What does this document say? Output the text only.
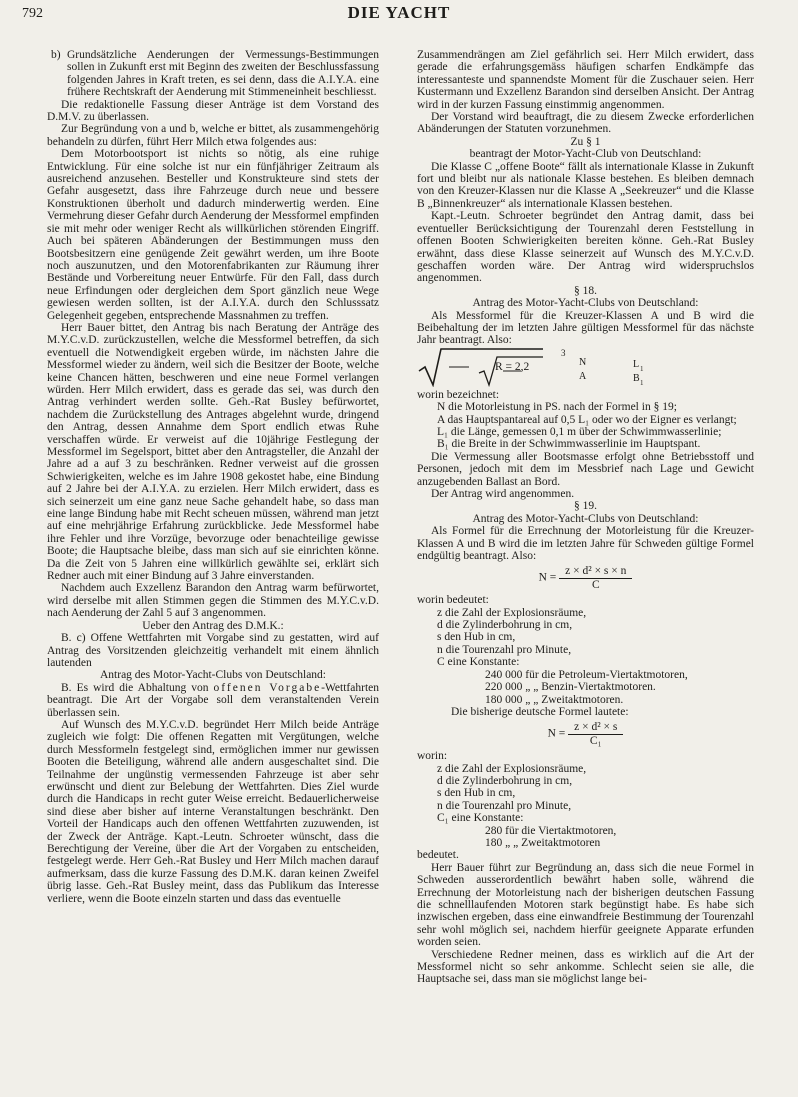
792	DIE YACHT

b) Grundsätzliche Aenderungen der Vermessungs-Bestimmungen sollen in Zukunft erst mit Beginn des zweiten der Beschlussfassung folgenden Jahres in Kraft treten, es sei denn, dass die A.I.Y.A. eine frühere Rechtskraft der Aenderung mit Stimmeneinheit beschliesst.

Die redaktionelle Fassung dieser Anträge ist dem Vorstand des D.M.V. zu überlassen.

Zur Begründung von a und b, welche er bittet, als zusammengehörig behandeln zu dürfen, führt Herr Milch etwa folgendes aus:

Dem Motorbootsport ist nichts so nötig, als eine ruhige Entwicklung. Für eine solche ist nur ein fünfjähriger Zeitraum als ausreichend anzusehen. Besteller und Konstrukteure sind stets der Gefahr ausgesetzt, dass ihre Fahrzeuge durch neue und bessere Konstruktionen überholt und dadurch minderwertig werden. Eine Vermehrung dieser Gefahr durch Aenderung der Messformel empfinden sie mit mehr oder weniger Recht als willkürlichen störenden Eingriff. Auch bei späteren Abänderungen der Bestimmungen muss den Bootsbesitzern eine genügende Zeit gewährt werden, um ihre Boote noch auszunutzen, und den Motorenfabrikanten zur Räumung ihrer Bestände und Vorbereitung neuer Entwürfe. Für den Fall, dass durch neue Erfindungen oder dergleichen dem Sport gänzlich neue Wege gewiesen werden sollten, ist der A.I.Y.A. durch den Schlusssatz Gelegenheit gegeben, entsprechende Massnahmen zu treffen.

Herr Bauer bittet, den Antrag bis nach Beratung der Anträge des M.Y.C.v.D. zurückzustellen, welche die Messformel betreffen, da sich eventuell die Notwendigkeit ergeben würde, im nächsten Jahre die Messformel wieder zu ändern, weil sich die Besitzer der Boote, welche keine Chancen hätten, beschweren und eine neue Formel verlangen würden. Herr Milch erwidert, dass es gerade das sei, was durch den Antrag verhindert werden sollte. Geh.-Rat Busley befürwortet, nachdem die Zurückstellung des Antrages abgelehnt wurde, dringend den Antrag, dessen Annahme dem Sport endlich etwas Ruhe verschaffen würde. Er verweist auf die 10jährige Festlegung der Messformel im Segelsport, bittet aber den Antragsteller, die Anzahl der Jahre ad a auf 3 zu beschränken. Redner verweist auf die grossen Schwierigkeiten, welche es im Jahre 1908 gekostet habe, eine Bindung auf 2 Jahre bei der A.I.Y.A. zu erzielen. Herr Milch erwidert, dass es sich seinerzeit um eine ganz neue Sache gehandelt habe, so dass man eine lange Bindung habe mit Recht scheuen müssen, während man jetzt auf eine mehrjährige Erfahrung zurückblicke. Jede Messformel habe ihre Fehler und ihre Vorzüge, bevorzuge oder benachteilige gewisse Boote; die Hauptsache bleibe, dass man sich auf sie einrichten könne. Da die Zeit von 5 Jahren eine willkürlich gewählte sei, erklärt sich Redner auch mit einer Bindung auf 3 Jahre einverstanden.

Nachdem auch Exzellenz Barandon den Antrag warm befürwortet, wird derselbe mit allen Stimmen gegen die Stimmen des M.Y.C.v.D. nach Aenderung der Zahl 5 auf 3 angenommen.

Ueber den Antrag des D.M.K.:

B. c) Offene Wettfahrten mit Vorgabe sind zu gestatten, wird auf Antrag des Vorsitzenden gleichzeitig verhandelt mit einem ähnlich lautenden

Antrag des Motor-Yacht-Clubs von Deutschland:

B. Es wird die Abhaltung von offenen Vorgabe-Wettfahrten beantragt. Die Art der Vorgabe soll dem veranstaltenden Verein überlassen sein.

Auf Wunsch des M.Y.C.v.D. begründet Herr Milch beide Anträge zugleich wie folgt: Die offenen Regatten mit Vergütungen, welche durch Messformeln festgelegt sind, ermöglichen immer nur gewissen Booten die Beteiligung, während alle andern ausgeschaltet sind. Die Teilnahme der ungünstig vermessenden Fahrzeuge ist aber sehr erwünscht und dient zur Belebung der Wettfahrten. Dies Ziel wurde durch die Handicaps in recht guter Weise erreicht. Bedauerlicherweise sind diese aber bisher auf interne Veranstaltungen beschränkt. Den Vorteil der Handicaps auch den offenen Wettfahrten zuzuwenden, ist der Zweck der Anträge. Kapt.-Leutn. Schroeter wünscht, dass die Berechtigung der Vereine, über die Art der Vorgaben zu entscheiden, festgelegt werde. Herr Geh.-Rat Busley und Herr Milch machen darauf aufmerksam, dass die kurze Fassung des D.M.K. daran keinen Zweifel übrig lasse. Geh.-Rat Busley meint, dass das Publikum das Interesse verliere, wenn die Boote einzeln starten und dass das eventuelle

Zusammendrängen am Ziel gefährlich sei. Herr Milch erwidert, dass gerade die erfahrungsgemäss häufigen scharfen Endkämpfe das interessanteste und spannendste Moment für die Zuschauer seien. Herr Kustermann und Exzellenz Barandon sind derselben Ansicht. Der Antrag wird in der kurzen Fassung einstimmig angenommen.

Der Vorstand wird beauftragt, die zu diesem Zwecke erforderlichen Abänderungen der Statuten vorzunehmen.

Zu § 1

beantragt der Motor-Yacht-Club von Deutschland:

Die Klasse C „offene Boote“ fällt als internationale Klasse in Zukunft fort und bleibt nur als nationale Klasse bestehen. Es bleiben demnach von den Kreuzer-Klassen nur die Klasse A „Seekreuzer“ und die Klasse B „Binnenkreuzer“ als internationale Klassen bestehen.

Kapt.-Leutn. Schroeter begründet den Antrag damit, dass bei eventueller Berücksichtigung der Tourenzahl deren Feststellung in offenen Booten Schwierigkeiten bereiten könne. Geh.-Rat Busley erwähnt, dass diese Klasse seinerzeit auf Wunsch des M.Y.C.v.D. geschaffen worden wäre. Der Antrag wird widerspruchslos angenommen.

§ 18.

Antrag des Motor-Yacht-Clubs von Deutschland:

Als Messformel für die Kreuzer-Klassen A und B wird die Beibehaltung der im letzten Jahre gültigen Messformel für das nächste Jahr beantragt. Also:

R = 2,2
3
N
A
L 1
B 1

worin bezeichnet:

N die Motorleistung in PS. nach der Formel in § 19;
A das Hauptspantareal auf 0,5 L₁ oder wo der Eigner es verlangt;
L₁ die Länge, gemessen 0,1 m über der Schwimmwasserlinie;
B₁ die Breite in der Schwimmwasserlinie im Hauptspant.

Die Vermessung aller Bootsmasse erfolgt ohne Betriebsstoff und Personen, jedoch mit dem im Messbrief nach Lage und Gewicht anzugebenden Ballast an Bord.

Der Antrag wird angenommen.

§ 19.

Antrag des Motor-Yacht-Clubs von Deutschland:

Als Formel für die Errechnung der Motorleistung für die Kreuzer-Klassen A und B wird die im letzten Jahre für Schweden gültige Formel endgültig beantragt. Also:

$N = \frac{\text{z × d² × s × n}}{C}$

worin bedeutet:

z die Zahl der Explosionsräume,
d die Zylinderbohrung in cm,
s den Hub in cm,
n die Tourenzahl pro Minute,
C eine Konstante:
240 000 für die Petroleum-Viertaktmotoren,
220 000 „ „ Benzin-Viertaktmotoren.
180 000 „ „ Zweitaktmotoren.

Die bisherige deutsche Formel lautete:

$N = \frac{\text{z × d² × s}}{\text{C₁}}$

worin:

z die Zahl der Explosionsräume,
d die Zylinderbohrung in cm,
s den Hub in cm,
n die Tourenzahl pro Minute,
C₁ eine Konstante:
280 für die Viertaktmotoren,
180 „ „ Zweitaktmotoren

bedeutet.

Herr Bauer führt zur Begründung an, dass sich die neue Formel in Schweden ausserordentlich bewährt haben solle, während die Errechnung der Motorleistung nach der bisherigen deutschen Fassung die schnelllaufenden Motoren stark begünstigt habe. Es habe sich inzwischen ergeben, dass eine einwandfreie Bestimmung der Tourenzahl sehr wohl möglich sei, nachdem hierfür geeignete Apparate erfunden worden seien.

Verschiedene Redner meinen, dass es wirklich auf die Art der Messformel nicht so sehr ankomme. Schlecht seien sie alle, die Hauptsache sei, dass man sie möglichst lange bei-
